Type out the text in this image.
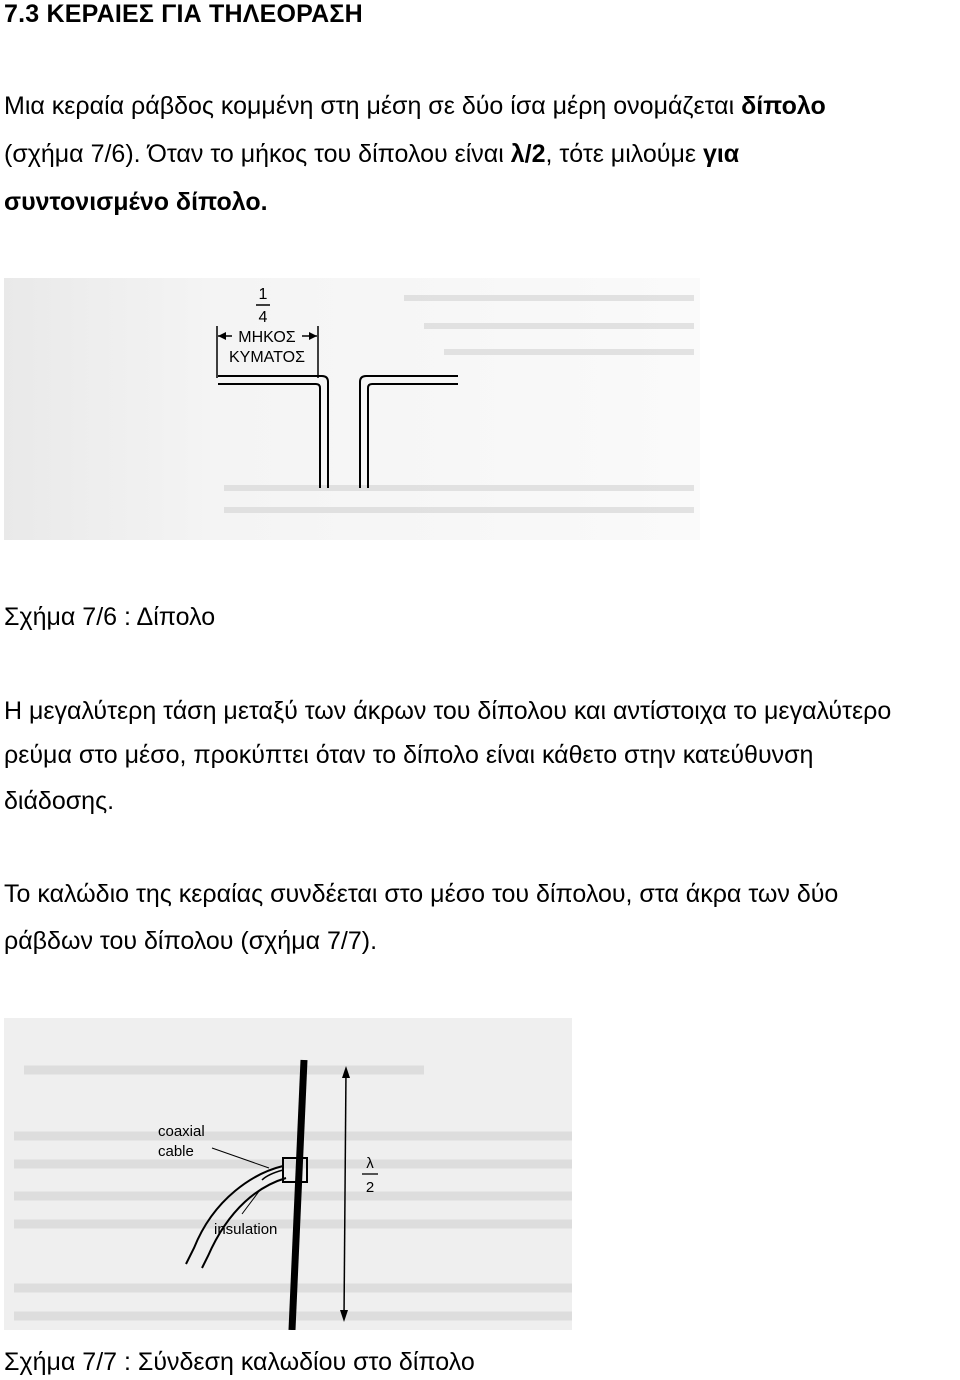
7.3 ΚΕΡΑΙΕΣ ΓΙΑ ΤΗΛΕΟΡΑΣΗ
Μια κεραία ράβδος κομμένη στη μέση σε δύο ίσα μέρη ονομάζεται δίπολο
(σχήμα 7/6). Όταν το μήκος του δίπολου είναι λ/2, τότε μιλούμε για
συντονισμένο δίπολο.
1
4
ΜΗΚΟΣ
ΚΥΜΑΤΟΣ
Σχήμα 7/6 : Δίπολο
Η μεγαλύτερη τάση μεταξύ των άκρων του δίπολου και αντίστοιχα το μεγαλύτερο
ρεύμα στο μέσο, προκύπτει όταν το δίπολο είναι κάθετο στην κατεύθυνση
διάδοσης.
Το καλώδιο της κεραίας συνδέεται στο μέσο του δίπολου, στα άκρα των δύο
ράβδων του δίπολου (σχήμα 7/7).
λ
2
coaxial
cable
insulation
Σχήμα 7/7 : Σύνδεση καλωδίου στο δίπολο
